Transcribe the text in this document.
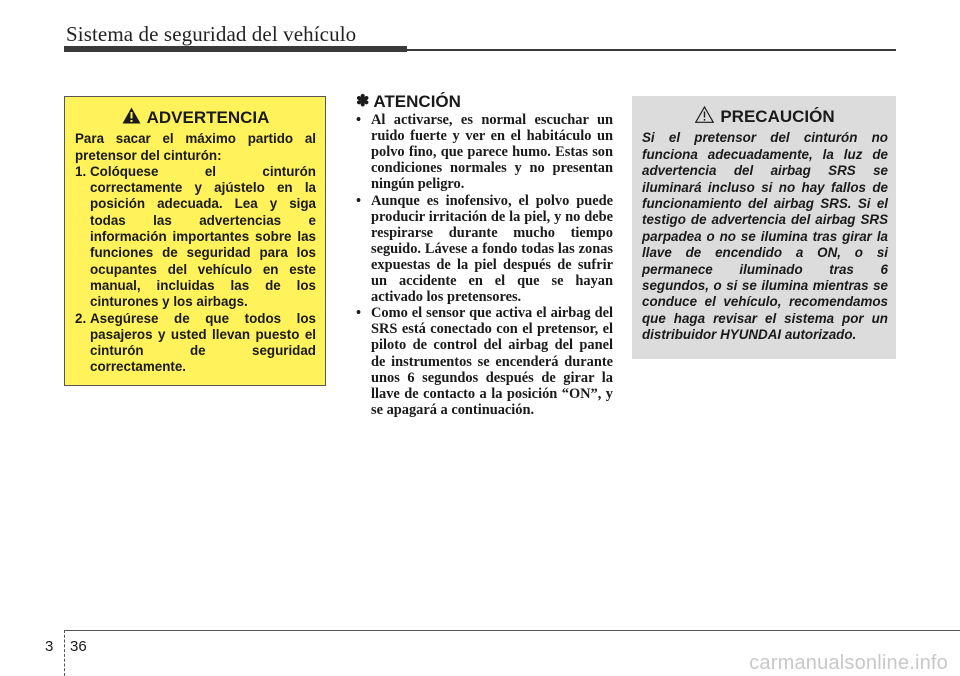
Sistema de seguridad del vehículo
ADVERTENCIA
Para sacar el máximo partido al pretensor del cinturón:
1. Colóquese el cinturón correctamente y ajústelo en la posición adecuada. Lea y siga todas las advertencias e información importantes sobre las funciones de seguridad para los ocupantes del vehículo en este manual, incluidas las de los cinturones y los airbags.
2. Asegúrese de que todos los pasajeros y usted llevan puesto el cinturón de seguridad correctamente.
✽ ATENCIÓN
• Al activarse, es normal escuchar un ruido fuerte y ver en el habitáculo un polvo fino, que parece humo. Estas son condiciones normales y no presentan ningún peligro.
• Aunque es inofensivo, el polvo puede producir irritación de la piel, y no debe respirarse durante mucho tiempo seguido. Lávese a fondo todas las zonas expuestas de la piel después de sufrir un accidente en el que se hayan activado los pretensores.
• Como el sensor que activa el airbag del SRS está conectado con el pretensor, el piloto de control del airbag del panel de instrumentos se encenderá durante unos 6 segundos después de girar la llave de contacto a la posición “ON”, y se apagará a continuación.
PRECAUCIÓN
Si el pretensor del cinturón no funciona adecuadamente, la luz de advertencia del airbag SRS se iluminará incluso si no hay fallos de funcionamiento del airbag SRS. Si el testigo de advertencia del airbag SRS parpadea o no se ilumina tras girar la llave de encendido a ON, o si permanece iluminado tras 6 segundos, o si se ilumina mientras se conduce el vehículo, recomendamos que haga revisar el sistema por un distribuidor HYUNDAI autorizado.
3 36
carmanualsonline.info
